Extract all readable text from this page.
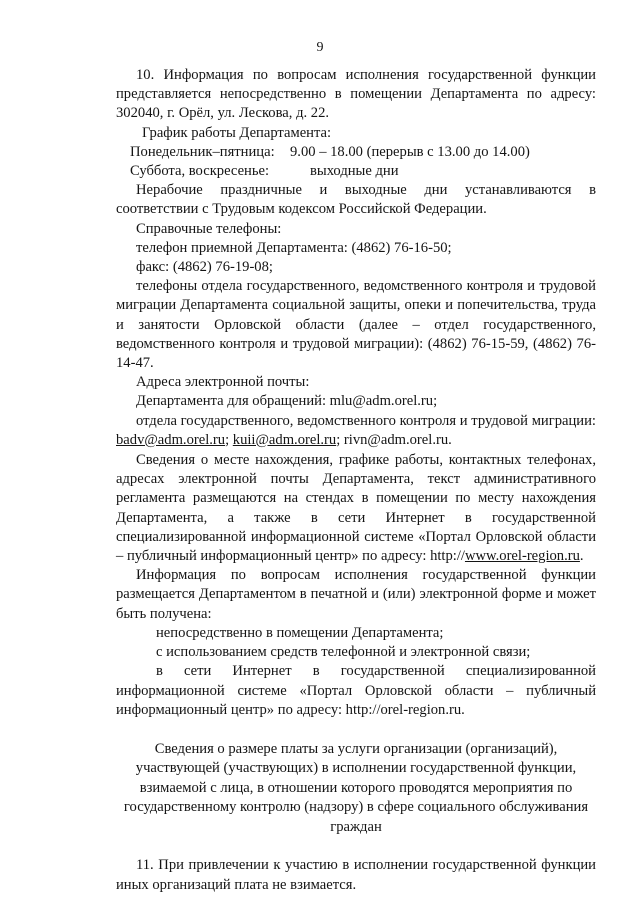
9

10. Информация по вопросам исполнения государственной функции представляется непосредственно в помещении Департамента по адресу: 302040, г. Орёл, ул. Лескова, д. 22.

График работы Департамента:

Понедельник–пятница:	9.00 – 18.00 (перерыв с 13.00 до 14.00)
Суббота, воскресенье:	выходные дни

Нерабочие праздничные и выходные дни устанавливаются в соответствии с Трудовым кодексом Российской Федерации.

Справочные телефоны:

телефон приемной Департамента: (4862) 76-16-50;

факс: (4862) 76-19-08;

телефоны отдела государственного, ведомственного контроля и трудовой миграции Департамента социальной защиты, опеки и попечительства, труда и занятости Орловской области (далее – отдел государственного, ведомственного контроля и трудовой миграции): (4862) 76-15-59, (4862) 76-14-47.

Адреса электронной почты:

Департамента для обращений: mlu@adm.orel.ru;

отдела государственного, ведомственного контроля и трудовой миграции: badv@adm.orel.ru; kuii@adm.orel.ru; rivn@adm.orel.ru.

Сведения о месте нахождения, графике работы, контактных телефонах, адресах электронной почты Департамента, текст административного регламента размещаются на стендах в помещении по месту нахождения Департамента, а также в сети Интернет в государственной специализированной информационной системе «Портал Орловской области – публичный информационный центр» по адресу: http://www.orel-region.ru.

Информация по вопросам исполнения государственной функции размещается Департаментом в печатной и (или) электронной форме и может быть получена:

непосредственно в помещении Департамента;

с использованием средств телефонной и электронной связи;

в сети Интернет в государственной специализированной информационной системе «Портал Орловской области – публичный информационный центр» по адресу: http://orel-region.ru.

Сведения о размере платы за услуги организации (организаций),

участвующей (участвующих) в исполнении государственной функции,

взимаемой с лица, в отношении которого проводятся мероприятия по

государственному контролю (надзору) в сфере социального обслуживания

граждан

11. При привлечении к участию в исполнении государственной функции иных организаций плата не взимается.
